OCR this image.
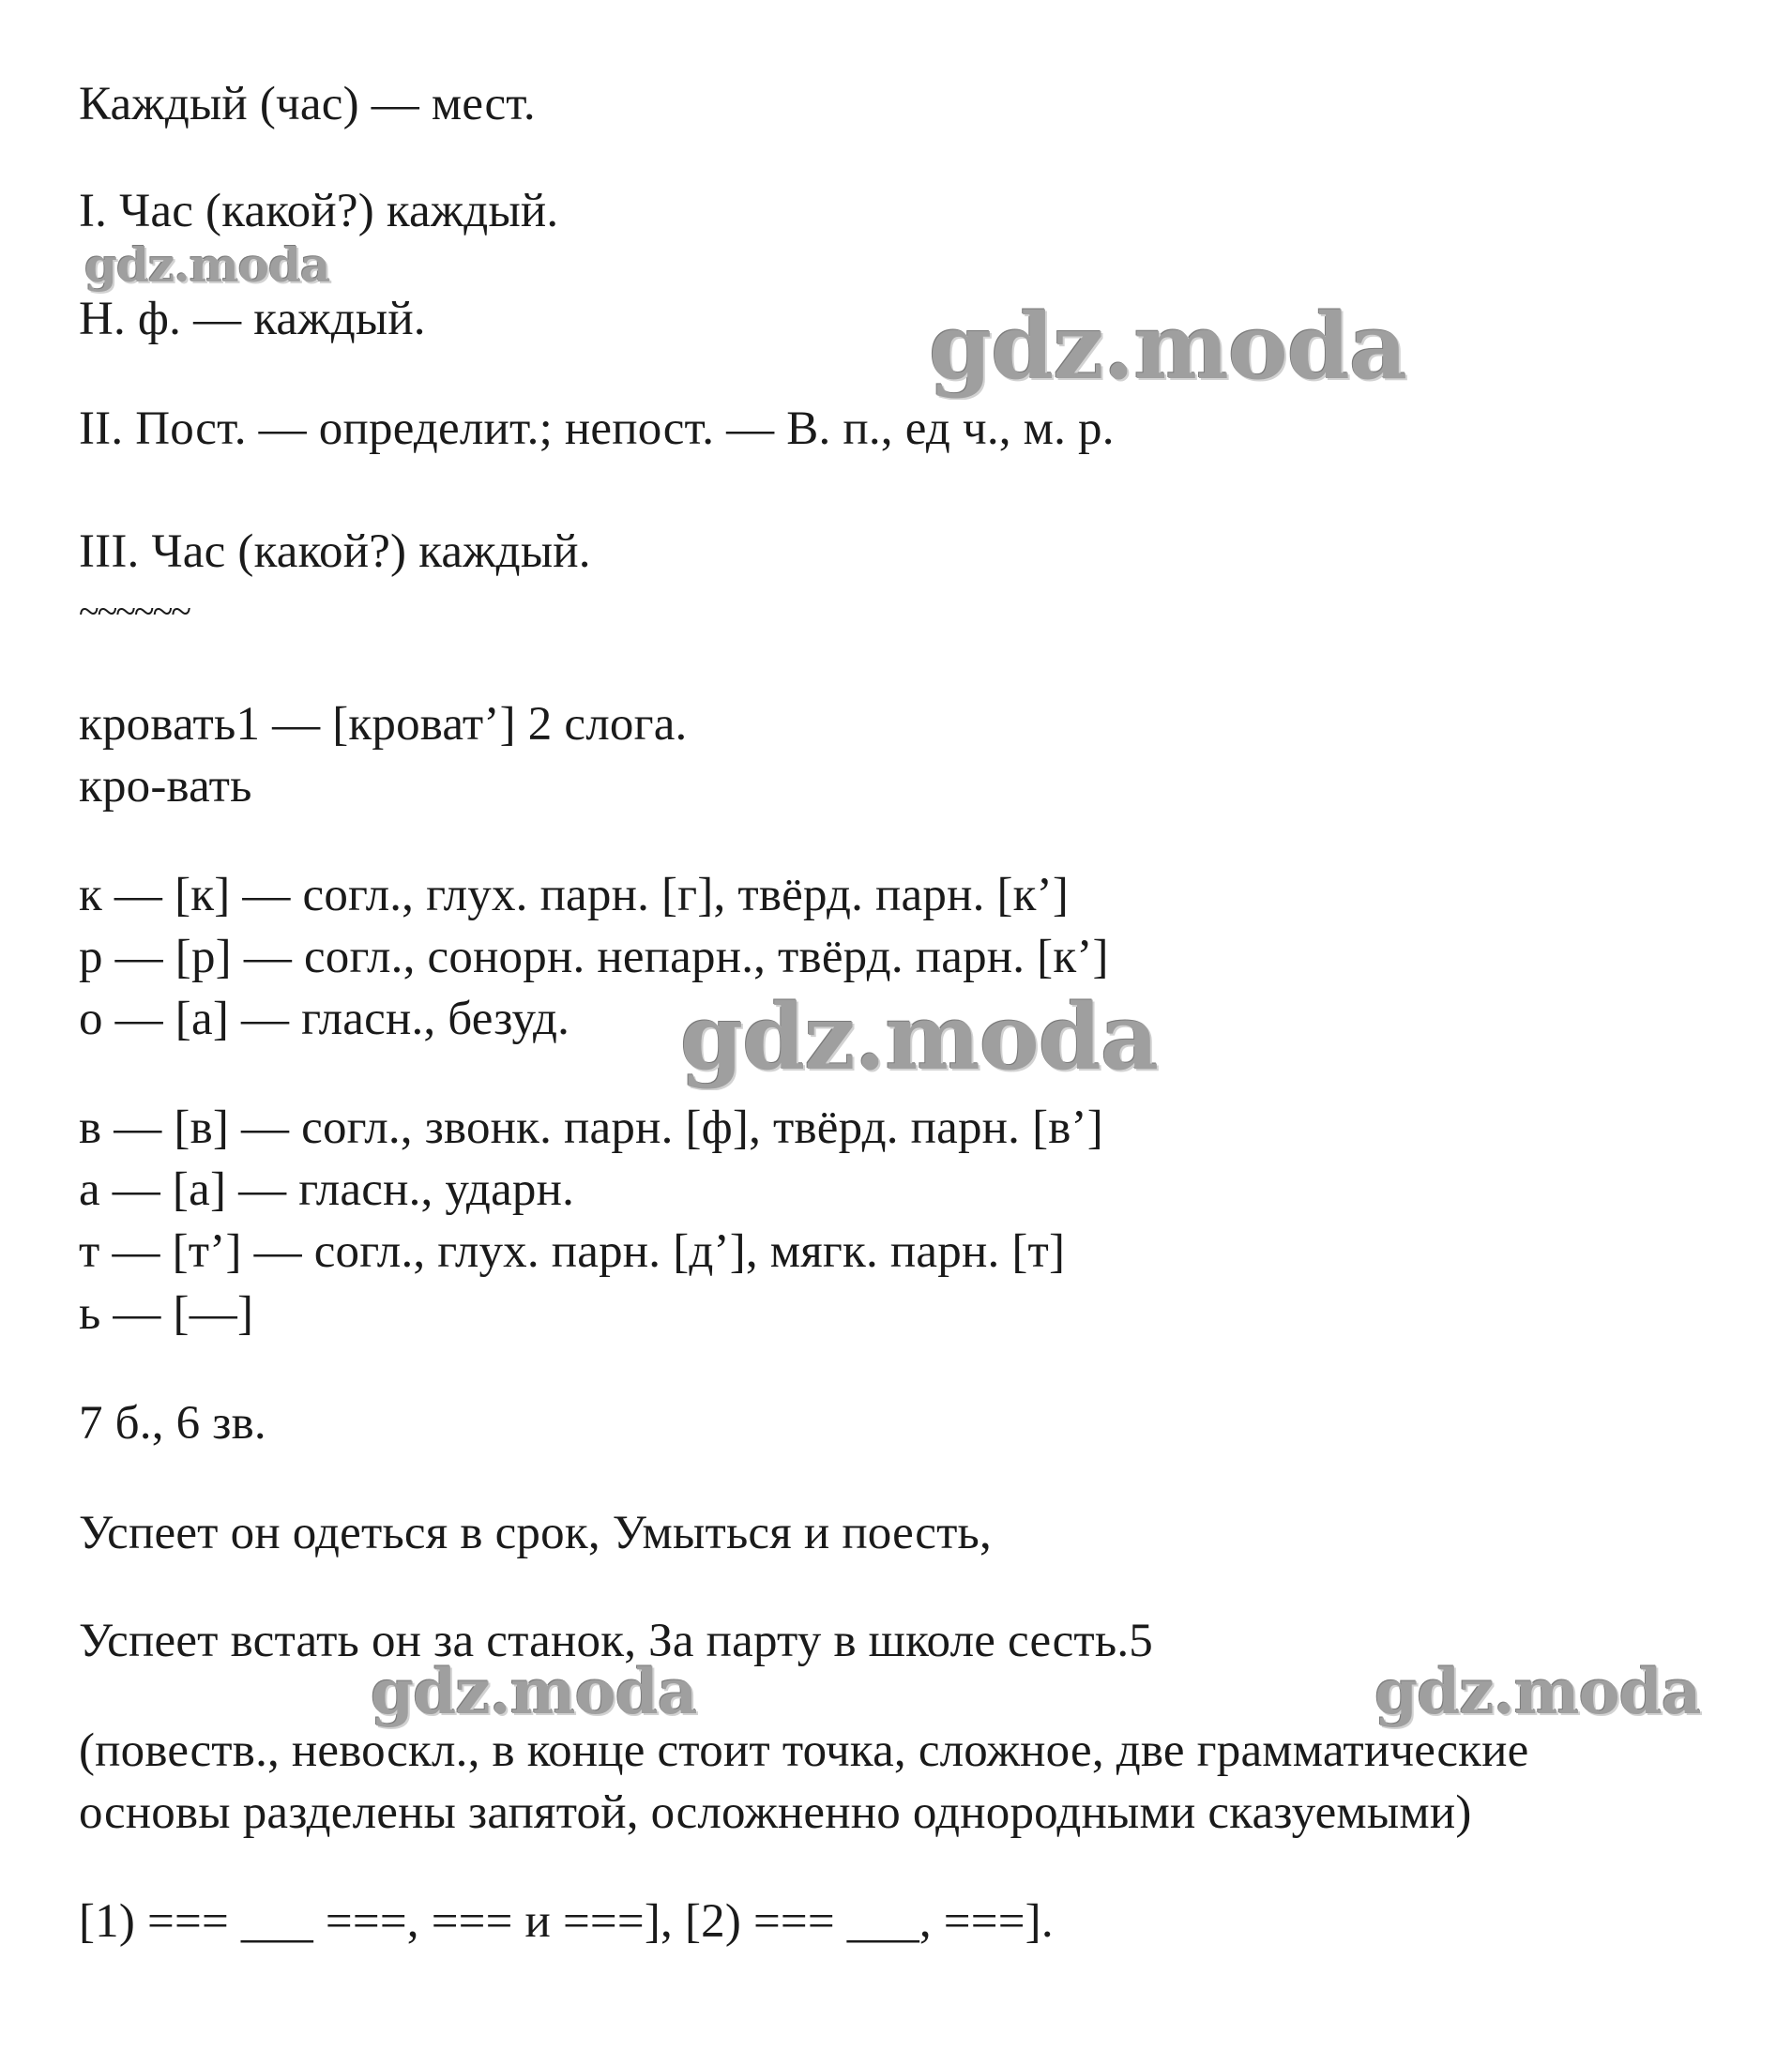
Каждый (час) — мест.
I. Час (какой?) каждый.
Н. ф. — каждый.
II. Пост. — определит.; непост. — В. п., ед ч., м. р.
III. Час (какой?) каждый.
~~~~~~
кровать1 — [кроват’] 2 слога.
кро-вать
к — [к] — согл., глух. парн. [г], твёрд. парн. [к’]
р — [р] — согл., сонорн. непарн., твёрд. парн. [к’]
о — [а] — гласн., безуд.
в — [в] — согл., звонк. парн. [ф], твёрд. парн. [в’]
а — [а] — гласн., ударн.
т — [т’] — согл., глух. парн. [д’], мягк. парн. [т]
ь — [—]
7 б., 6 зв.
Успеет он одеться в срок, Умыться и поесть,
Успеет встать он за станок, За парту в школе сесть.5
(повеств., невоскл., в конце стоит точка, сложное, две грамматические
основы разделены запятой, осложненно однородными сказуемыми)
[1) === ___ ===, === и ===], [2) === ___, ===].
gdz.moda
gdz.moda
gdz.moda
gdz.moda	gdz.moda
